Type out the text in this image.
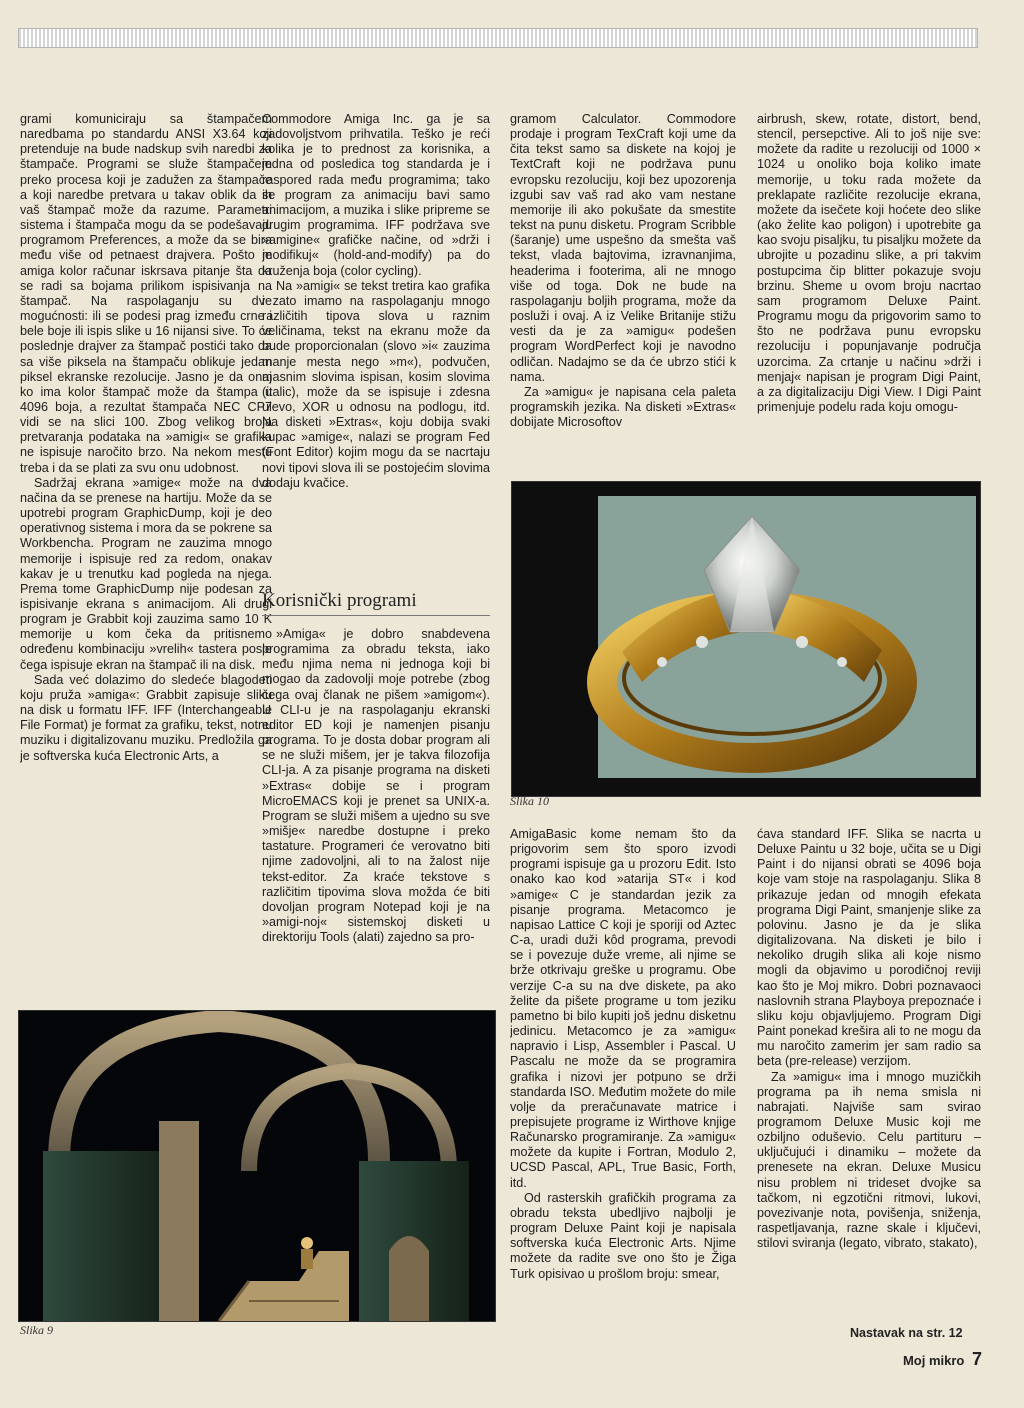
grami komuniciraju sa štampačem naredbama po standardu ANSI X3.64 koji pretenduje na bude nadskup svih naredbi za štampače. Programi se služe štampačem preko procesa koji je zadužen za štampače a koji naredbe pretvara u takav oblik da ih vaš štampač može da razume. Parametri sistema i štampača mogu da se podešavaju programom Preferences, a može da se bira među više od petnaest drajvera. Pošto je amiga kolor računar iskrsava pitanje šta da se radi sa bojama prilikom ispisivanja na štampač. Na raspolaganju su dve mogućnosti: ili se podesi prag između crne i bele boje ili ispis slike u 16 nijansi sive. To će poslednje drajver za štampač postići tako da sa više piksela na štampaču oblikuje jedan piksel ekranske rezolucije. Jasno je da onaj ko ima kolor štampač može da štampa u 4096 boja, a rezultat štampača NEC CP7 vidi se na slici 100. Zbog velikog broja pretvaranja podataka na »amigi« se grafika ne ispisuje naročito brzo. Na nekom mestu treba i da se plati za svu onu udobnost.

Sadržaj ekrana »amige« može na dva načina da se prenese na hartiju. Može da se upotrebi program GraphicDump, koji je deo operativnog sistema i mora da se pokrene sa Workbencha. Program ne zauzima mnogo memorije i ispisuje red za redom, onakav kakav je u trenutku kad pogleda na njega. Prema tome GraphicDump nije podesan za ispisivanje ekrana s animacijom. Ali drugi program je Grabbit koji zauzima samo 10 K memorije u kom čeka da pritisnemo određenu kombinaciju »vrelih« tastera posle čega ispisuje ekran na štampač ili na disk.

Sada već dolazimo do sledeće blagodeti koju pruža »amiga«: Grabbit zapisuje sliku na disk u formatu IFF. IFF (Interchangeable File Format) je format za grafiku, tekst, notnu muziku i digitalizovanu muziku. Predložila ga je softverska kuća Electronic Arts, a

Commodore Amiga Inc. ga je sa zadovoljstvom prihvatila. Teško je reći kolika je to prednost za korisnika, a jedna od posledica tog standarda je i raspored rada među programima; tako se program za animaciju bavi samo animacijom, a muzika i slike pripreme se drugim programima. IFF podržava sve »amigine« grafičke načine, od »drži i modifikuj« (hold-and-modify) pa do kruženja boja (color cycling).

Na »amigi« se tekst tretira kao grafika i zato imamo na raspolaganju mnogo različitih tipova slova u raznim veličinama, tekst na ekranu može da bude proporcionalan (slovo »i« zauzima manje mesta nego »m«), podvučen, masnim slovima ispisan, kosim slovima (italic), može da se ispisuje i zdesna ulevo, XOR u odnosu na podlogu, itd. Na disketi »Extras«, koju dobija svaki kupac »amige«, nalazi se program Fed (Font Editor) kojim mogu da se nacrtaju novi tipovi slova ili se postojećim slovima dodaju kvačice.

Korisnički programi

»Amiga« je dobro snabdevena programima za obradu teksta, iako među njima nema ni jednoga koji bi mogao da zadovolji moje potrebe (zbog čega ovaj članak ne pišem »amigom«). U CLI-u je na raspolaganju ekranski editor ED koji je namenjen pisanju programa. To je dosta dobar program ali se ne služi mišem, jer je takva filozofija CLI-ja. A za pisanje programa na disketi »Extras« dobije se i program MicroEMACS koji je prenet sa UNIX-a. Program se služi mišem a ujedno su sve »mišje« naredbe dostupne i preko tastature. Programeri će verovatno biti njime zadovoljni, ali to na žalost nije tekst-editor. Za kraće tekstove s različitim tipovima slova možda će biti dovoljan program Notepad koji je na »amigi-noj« sistemskoj disketi u direktoriju Tools (alati) zajedno sa pro-

gramom Calculator. Commodore prodaje i program TexCraft koji ume da čita tekst samo sa diskete na kojoj je TextCraft koji ne podržava punu evropsku rezoluciju, koji bez upozorenja izgubi sav vaš rad ako vam nestane memorije ili ako pokušate da smestite tekst na punu disketu. Program Scribble (šaranje) ume uspešno da smešta vaš tekst, vlada bajtovima, izravnanjima, headerima i footerima, ali ne mnogo više od toga. Dok ne bude na raspolaganju boljih programa, može da posluži i ovaj. A iz Velike Britanije stižu vesti da je za »amigu« podešen program WordPerfect koji je navodno odličan. Nadajmo se da će ubrzo stići k nama.

Za »amigu« je napisana cela paleta programskih jezika. Na disketi »Extras« dobijate Microsoftov

airbrush, skew, rotate, distort, bend, stencil, persepctive. Ali to još nije sve: možete da radite u rezoluciji od 1000 × 1024 u onoliko boja koliko imate memorije, u toku rada možete da preklapate različite rezolucije ekrana, možete da isečete koji hoćete deo slike (ako želite kao poligon) i upotrebite ga kao svoju pisaljku, tu pisaljku možete da ubrojite u pozadinu slike, a pri takvim postupcima čip blitter pokazuje svoju brzinu. Sheme u ovom broju nacrtao sam programom Deluxe Paint. Programu mogu da prigovorim samo to što ne podržava punu evropsku rezoluciju i popunjavanje područja uzorcima. Za crtanje u načinu »drži i menjaj« napisan je program Digi Paint, a za digitalizaciju Digi View. I Digi Paint primenjuje podelu rada koju omogu-

Slika 10
Slika 9

AmigaBasic kome nemam što da prigovorim sem što sporo izvodi programi ispisuje ga u prozoru Edit. Isto onako kao kod »atarija ST« i kod »amige« C je standardan jezik za pisanje programa. Metacomco je napisao Lattice C koji je sporiji od Aztec C-a, uradi duži kôd programa, prevodi se i povezuje duže vreme, ali njime se brže otkrivaju greške u programu. Obe verzije C-a su na dve diskete, pa ako želite da pišete programe u tom jeziku pametno bi bilo kupiti još jednu disketnu jedinicu. Metacomco je za »amigu« napravio i Lisp, Assembler i Pascal. U Pascalu ne može da se programira grafika i nizovi jer potpuno se drži standarda ISO. Međutim možete do mile volje da preračunavate matrice i prepisujete programe iz Wirthove knjige Računarsko programiranje. Za »amigu« možete da kupite i Fortran, Modulo 2, UCSD Pascal, APL, True Basic, Forth, itd.

Od rasterskih grafičkih programa za obradu teksta ubedljivo najbolji je program Deluxe Paint koji je napisala softverska kuća Electronic Arts. Njime možete da radite sve ono što je Žiga Turk opisivao u prošlom broju: smear,

ćava standard IFF. Slika se nacrta u Deluxe Paintu u 32 boje, učita se u Digi Paint i do nijansi obrati se 4096 boja koje vam stoje na raspolaganju. Slika 8 prikazuje jedan od mnogih efekata programa Digi Paint, smanjenje slike za polovinu. Jasno je da je slika digitalizovana. Na disketi je bilo i nekoliko drugih slika ali koje nismo mogli da objavimo u porodičnoj reviji kao što je Moj mikro. Dobri poznavaoci naslovnih strana Playboya prepoznaće i sliku koju objavljujemo. Program Digi Paint ponekad krešira ali to ne mogu da mu naročito zamerim jer sam radio sa beta (pre-release) verzijom.

Za »amigu« ima i mnogo muzičkih programa pa ih nema smisla ni nabrajati. Najviše sam svirao programom Deluxe Music koji me ozbiljno oduševio. Celu partituru – uključujući i dinamiku – možete da prenesete na ekran. Deluxe Musicu nisu problem ni trideset dvojke sa tačkom, ni egzotični ritmovi, lukovi, povezivanje nota, povišenja, sniženja, raspetljavanja, razne skale i ključevi, stilovi sviranja (legato, vibrato, stakato),

Nastavak na str. 12
Moj mikro 7
